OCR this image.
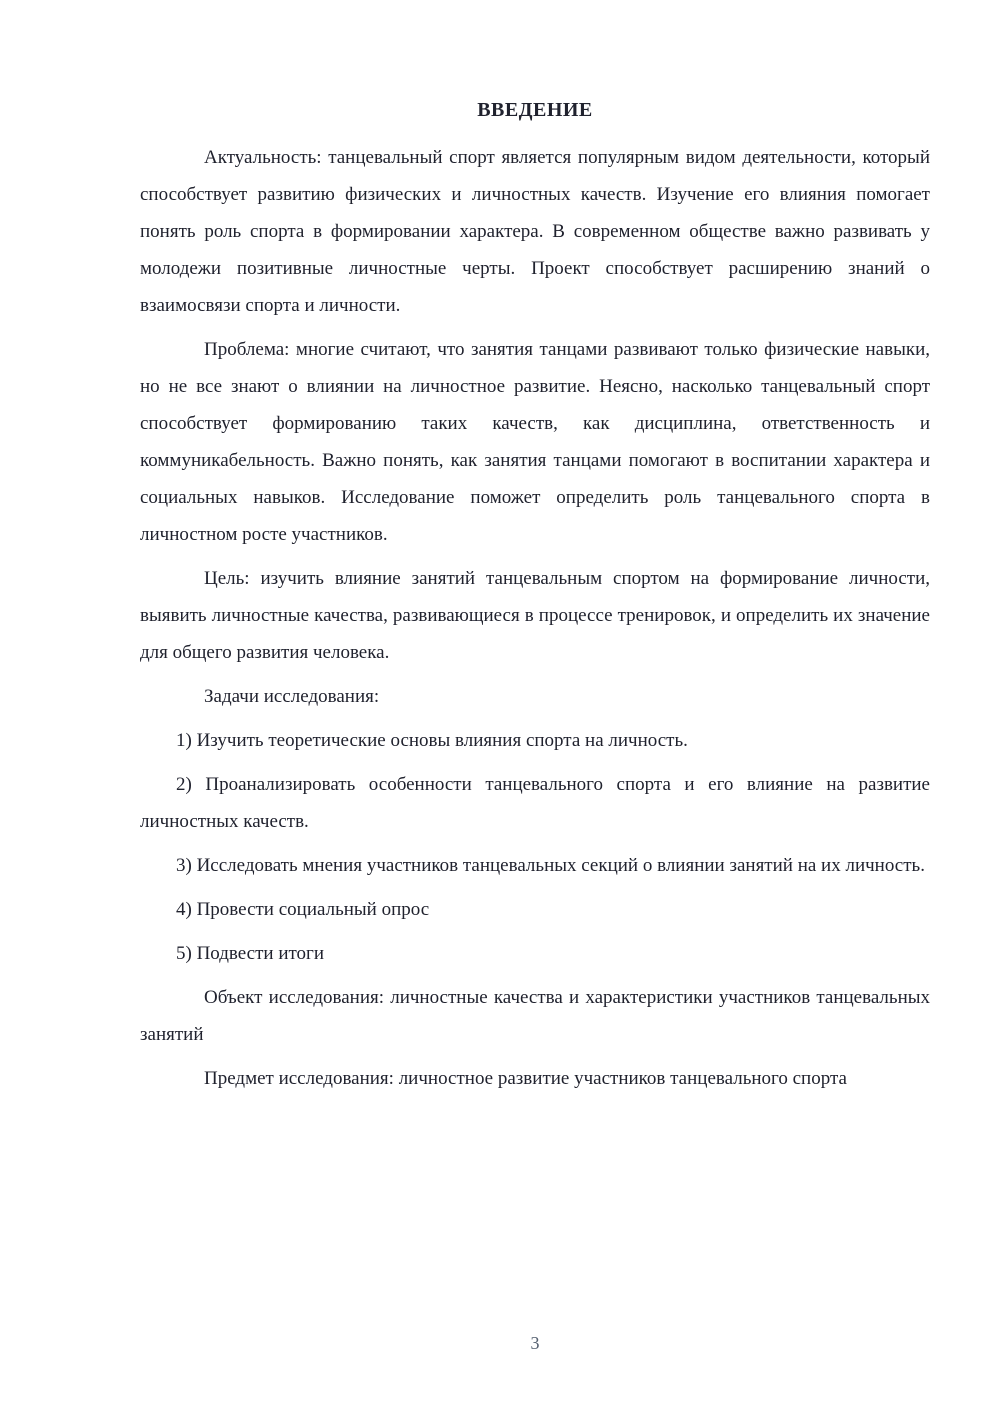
ВВЕДЕНИЕ

Актуальность: танцевальный спорт является популярным видом деятельности, который способствует развитию физических и личностных качеств. Изучение его влияния помогает понять роль спорта в формировании характера. В современном обществе важно развивать у молодежи позитивные личностные черты. Проект способствует расширению знаний о взаимосвязи спорта и личности.

Проблема: многие считают, что занятия танцами развивают только физические навыки, но не все знают о влиянии на личностное развитие. Неясно, насколько танцевальный спорт способствует формированию таких качеств, как дисциплина, ответственность и коммуникабельность. Важно понять, как занятия танцами помогают в воспитании характера и социальных навыков. Исследование поможет определить роль танцевального спорта в личностном росте участников.

Цель: изучить влияние занятий танцевальным спортом на формирование личности, выявить личностные качества, развивающиеся в процессе тренировок, и определить их значение для общего развития человека.

Задачи исследования:

1) Изучить теоретические основы влияния спорта на личность.

2) Проанализировать особенности танцевального спорта и его влияние на развитие личностных качеств.

3) Исследовать мнения участников танцевальных секций о влиянии занятий на их личность.

4) Провести социальный опрос

5) Подвести итоги

Объект исследования: личностные качества и характеристики участников танцевальных занятий

Предмет исследования: личностное развитие участников танцевального спорта

3
